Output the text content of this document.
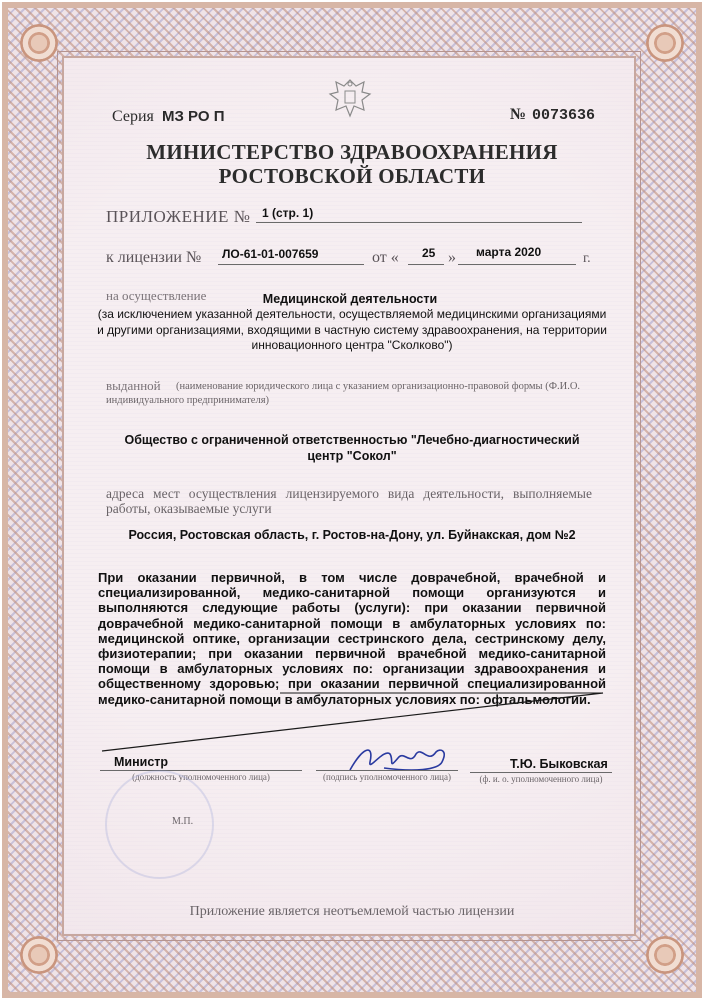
Серия МЗ РО П	№ 0073636
МИНИСТЕРСТВО ЗДРАВООХРАНЕНИЯ
РОСТОВСКОЙ ОБЛАСТИ
ПРИЛОЖЕНИЕ № 1 (стр. 1)
к лицензии № ЛО-61-01-007659	от « 25 » марта 2020	г.
на осуществление	Медицинской деятельности
(за исключением указанной деятельности, осуществляемой медицинскими организациями и другими организациями, входящими в частную систему здравоохранения, на территории инновационного центра "Сколково")
выданной	(наименование юридического лица с указанием организационно-правовой формы (Ф.И.О. индивидуального предпринимателя)
Общество с ограниченной ответственностью "Лечебно-диагностический центр "Сокол"
адреса мест осуществления лицензируемого вида деятельности, выполняемые работы, оказываемые услуги
Россия, Ростовская область, г. Ростов-на-Дону, ул. Буйнакская, дом №2
При оказании первичной, в том числе доврачебной, врачебной и специализированной, медико-санитарной помощи организуются и выполняются следующие работы (услуги): при оказании первичной доврачебной медико-санитарной помощи в амбулаторных условиях по: медицинской оптике, организации сестринского дела, сестринскому делу, физиотерапии; при оказании первичной врачебной медико-санитарной помощи в амбулаторных условиях по: организации здравоохранения и общественному здоровью; при оказании первичной специализированной медико-санитарной помощи в амбулаторных условиях по: офтальмологии.
Министр
(должность уполномоченного лица)	(подпись уполномоченного лица)
Т.Ю. Быковская
(ф. и. о. уполномоченного лица)
М.П.
Приложение является неотъемлемой частью лицензии
